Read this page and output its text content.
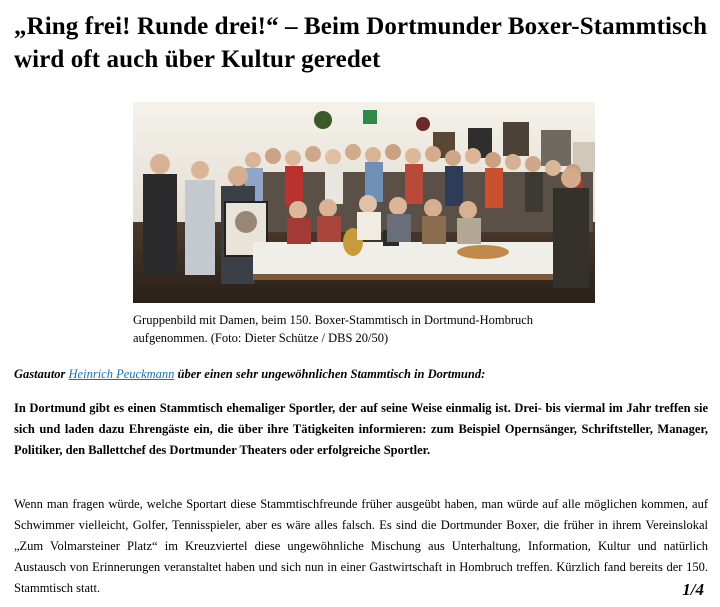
„Ring frei! Runde drei!“ – Beim Dortmunder Boxer-Stammtisch wird oft auch über Kultur geredet

Gruppenbild mit Damen, beim 150. Boxer-Stammtisch in Dortmund-Hombruch aufgenommen. (Foto: Dieter Schütze / DBS 20/50)

Gastautor Heinrich Peuckmann über einen sehr ungewöhnlichen Stammtisch in Dortmund:

In Dortmund gibt es einen Stammtisch ehemaliger Sportler, der auf seine Weise einmalig ist. Drei- bis viermal im Jahr treffen sie sich und laden dazu Ehrengäste ein, die über ihre Tätigkeiten informieren: zum Beispiel Opernsänger, Schriftsteller, Manager, Politiker, den Ballettchef des Dortmunder Theaters oder erfolgreiche Sportler.

Wenn man fragen würde, welche Sportart diese Stammtischfreunde früher ausgeübt haben, man würde auf alle möglichen kommen, auf Schwimmer vielleicht, Golfer, Tennisspieler, aber es wäre alles falsch. Es sind die Dortmunder Boxer, die früher in ihrem Vereinslokal „Zum Volmarsteiner Platz“ im Kreuzviertel diese ungewöhnliche Mischung aus Unterhaltung, Information, Kultur und natürlich Austausch von Erinnerungen veranstaltet haben und sich nun in einer Gastwirtschaft in Hombruch treffen. Kürzlich fand bereits der 150. Stammtisch statt.	1/4
